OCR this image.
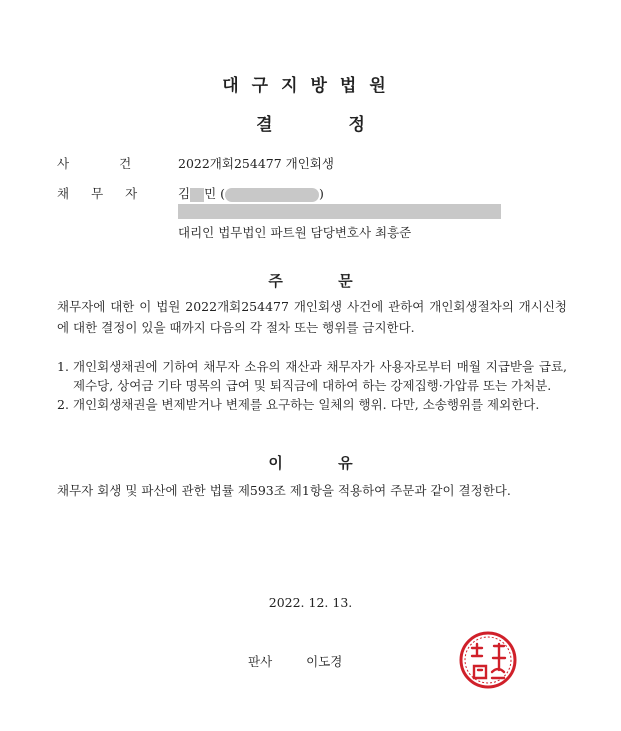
대구지방법원
결 정
사	건	2022개회254477 개인회생
채 무 자	김 민 (	)
대리인 법무법인 파트원 담당변호사 최흥준
주 문
채무자에 대한 이 법원 2022개회254477 개인회생 사건에 관하여 개인회생절차의 개시신청에 대한 결정이 있을 때까지 다음의 각 절차 또는 행위를 금지한다.
1. 개인회생채권에 기하여 채무자 소유의 재산과 채무자가 사용자로부터 매월 지급받을 급료, 제수당, 상여금 기타 명목의 급여 및 퇴직금에 대하여 하는 강제집행·가압류 또는 가처분.
2. 개인회생채권을 변제받거나 변제를 요구하는 일체의 행위. 다만, 소송행위를 제외한다.
이 유
채무자 회생 및 파산에 관한 법률 제593조 제1항을 적용하여 주문과 같이 결정한다.
2022. 12. 13.
판사	이도경
